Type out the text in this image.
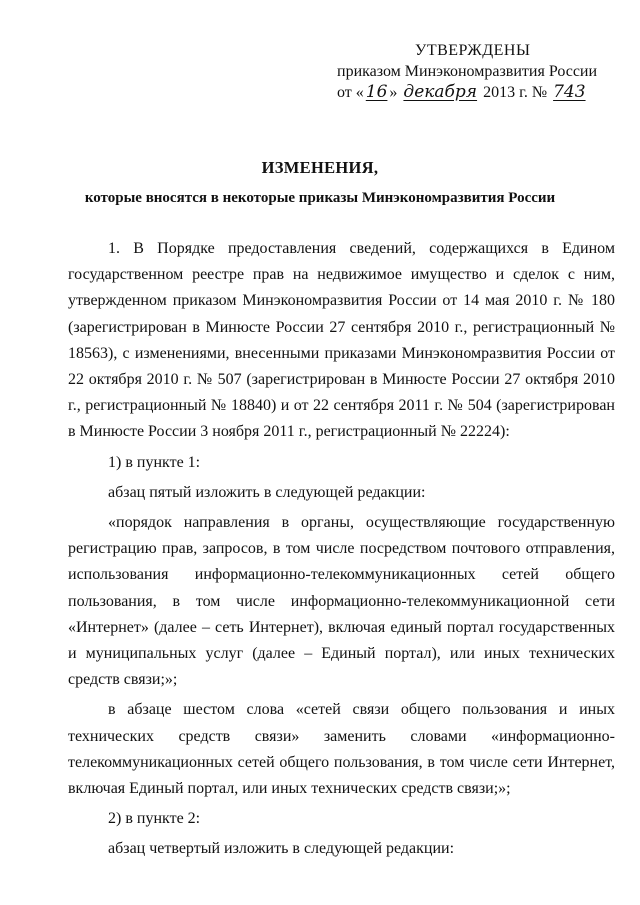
УТВЕРЖДЕНЫ
приказом Минэкономразвития России
от « 16 » декабря 2013 г. № 743
ИЗМЕНЕНИЯ,
которые вносятся в некоторые приказы Минэкономразвития России

1. В Порядке предоставления сведений, содержащихся в Едином государственном реестре прав на недвижимое имущество и сделок с ним, утвержденном приказом Минэкономразвития России от 14 мая 2010 г. № 180 (зарегистрирован в Минюсте России 27 сентября 2010 г., регистрационный № 18563), с изменениями, внесенными приказами Минэкономразвития России от 22 октября 2010 г. № 507 (зарегистрирован в Минюсте России 27 октября 2010 г., регистрационный № 18840) и от 22 сентября 2011 г. № 504 (зарегистрирован в Минюсте России 3 ноября 2011 г., регистрационный № 22224):

1) в пункте 1:

абзац пятый изложить в следующей редакции:

«порядок направления в органы, осуществляющие государственную регистрацию прав, запросов, в том числе посредством почтового отправления, использования информационно-телекоммуникационных сетей общего пользования, в том числе информационно-телекоммуникационной сети «Интернет» (далее – сеть Интернет), включая единый портал государственных и муниципальных услуг (далее – Единый портал), или иных технических средств связи;»;

в абзаце шестом слова «сетей связи общего пользования и иных технических средств связи» заменить словами «информационно-телекоммуникационных сетей общего пользования, в том числе сети Интернет, включая Единый портал, или иных технических средств связи;»;

2) в пункте 2:

абзац четвертый изложить в следующей редакции:
